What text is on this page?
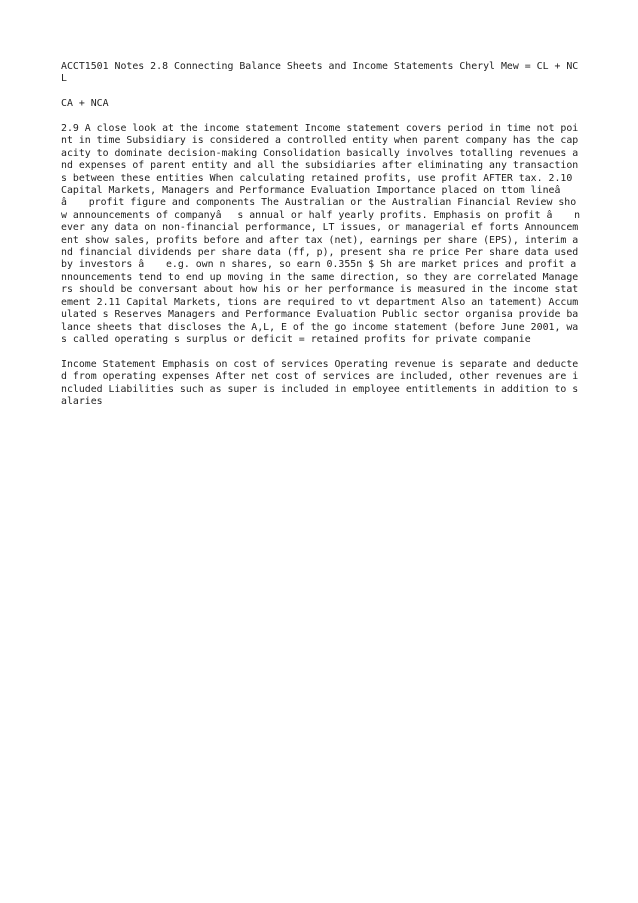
ACCT1501 Notes 2.8 Connecting Balance Sheets and Income Statements Cheryl Mew = CL + NCL

CA + NCA

2.9 A close look at the income statement Income statement covers period in time not point in time Subsidiary is considered a controlled entity when parent company has the capacity to dominate decision-making Consolidation basically involves totalling revenues and expenses of parent entity and all the subsidiaries after eliminating any transactions between these entities When calculating retained profits, use profit AFTER tax. 2.10 Capital Markets, Managers and Performance Evaluation Importance placed on ttom lineâ â profit figure and components The Australian or the Australian Financial Review show announcements of companyâs annual or half yearly profits. Emphasis on profit â never any data on non-financial performance, LT issues, or managerial ef forts Announcement show sales, profits before and after tax (net), earnings per share (EPS), interim and financial dividends per share data (ff, p), present sha re price Per share data used by investors â e.g. own n shares, so earn 0.355n $ Sh are market prices and profit announcements tend to end up moving in the same direction, so they are correlated Managers should be conversant about how his or her performance is measured in the income statement 2.11 Capital Markets, tions are required to vt department Also an tatement) Accumulated s Reserves Managers and Performance Evaluation Public sector organisa provide balance sheets that discloses the A,L, E of the go income statement (before June 2001, was called operating s surplus or deficit = retained profits for private companie

Income Statement Emphasis on cost of services Operating revenue is separate and deducted from operating expenses After net cost of services are included, other revenues are included Liabilities such as super is included in employee entitlements in addition to salaries
